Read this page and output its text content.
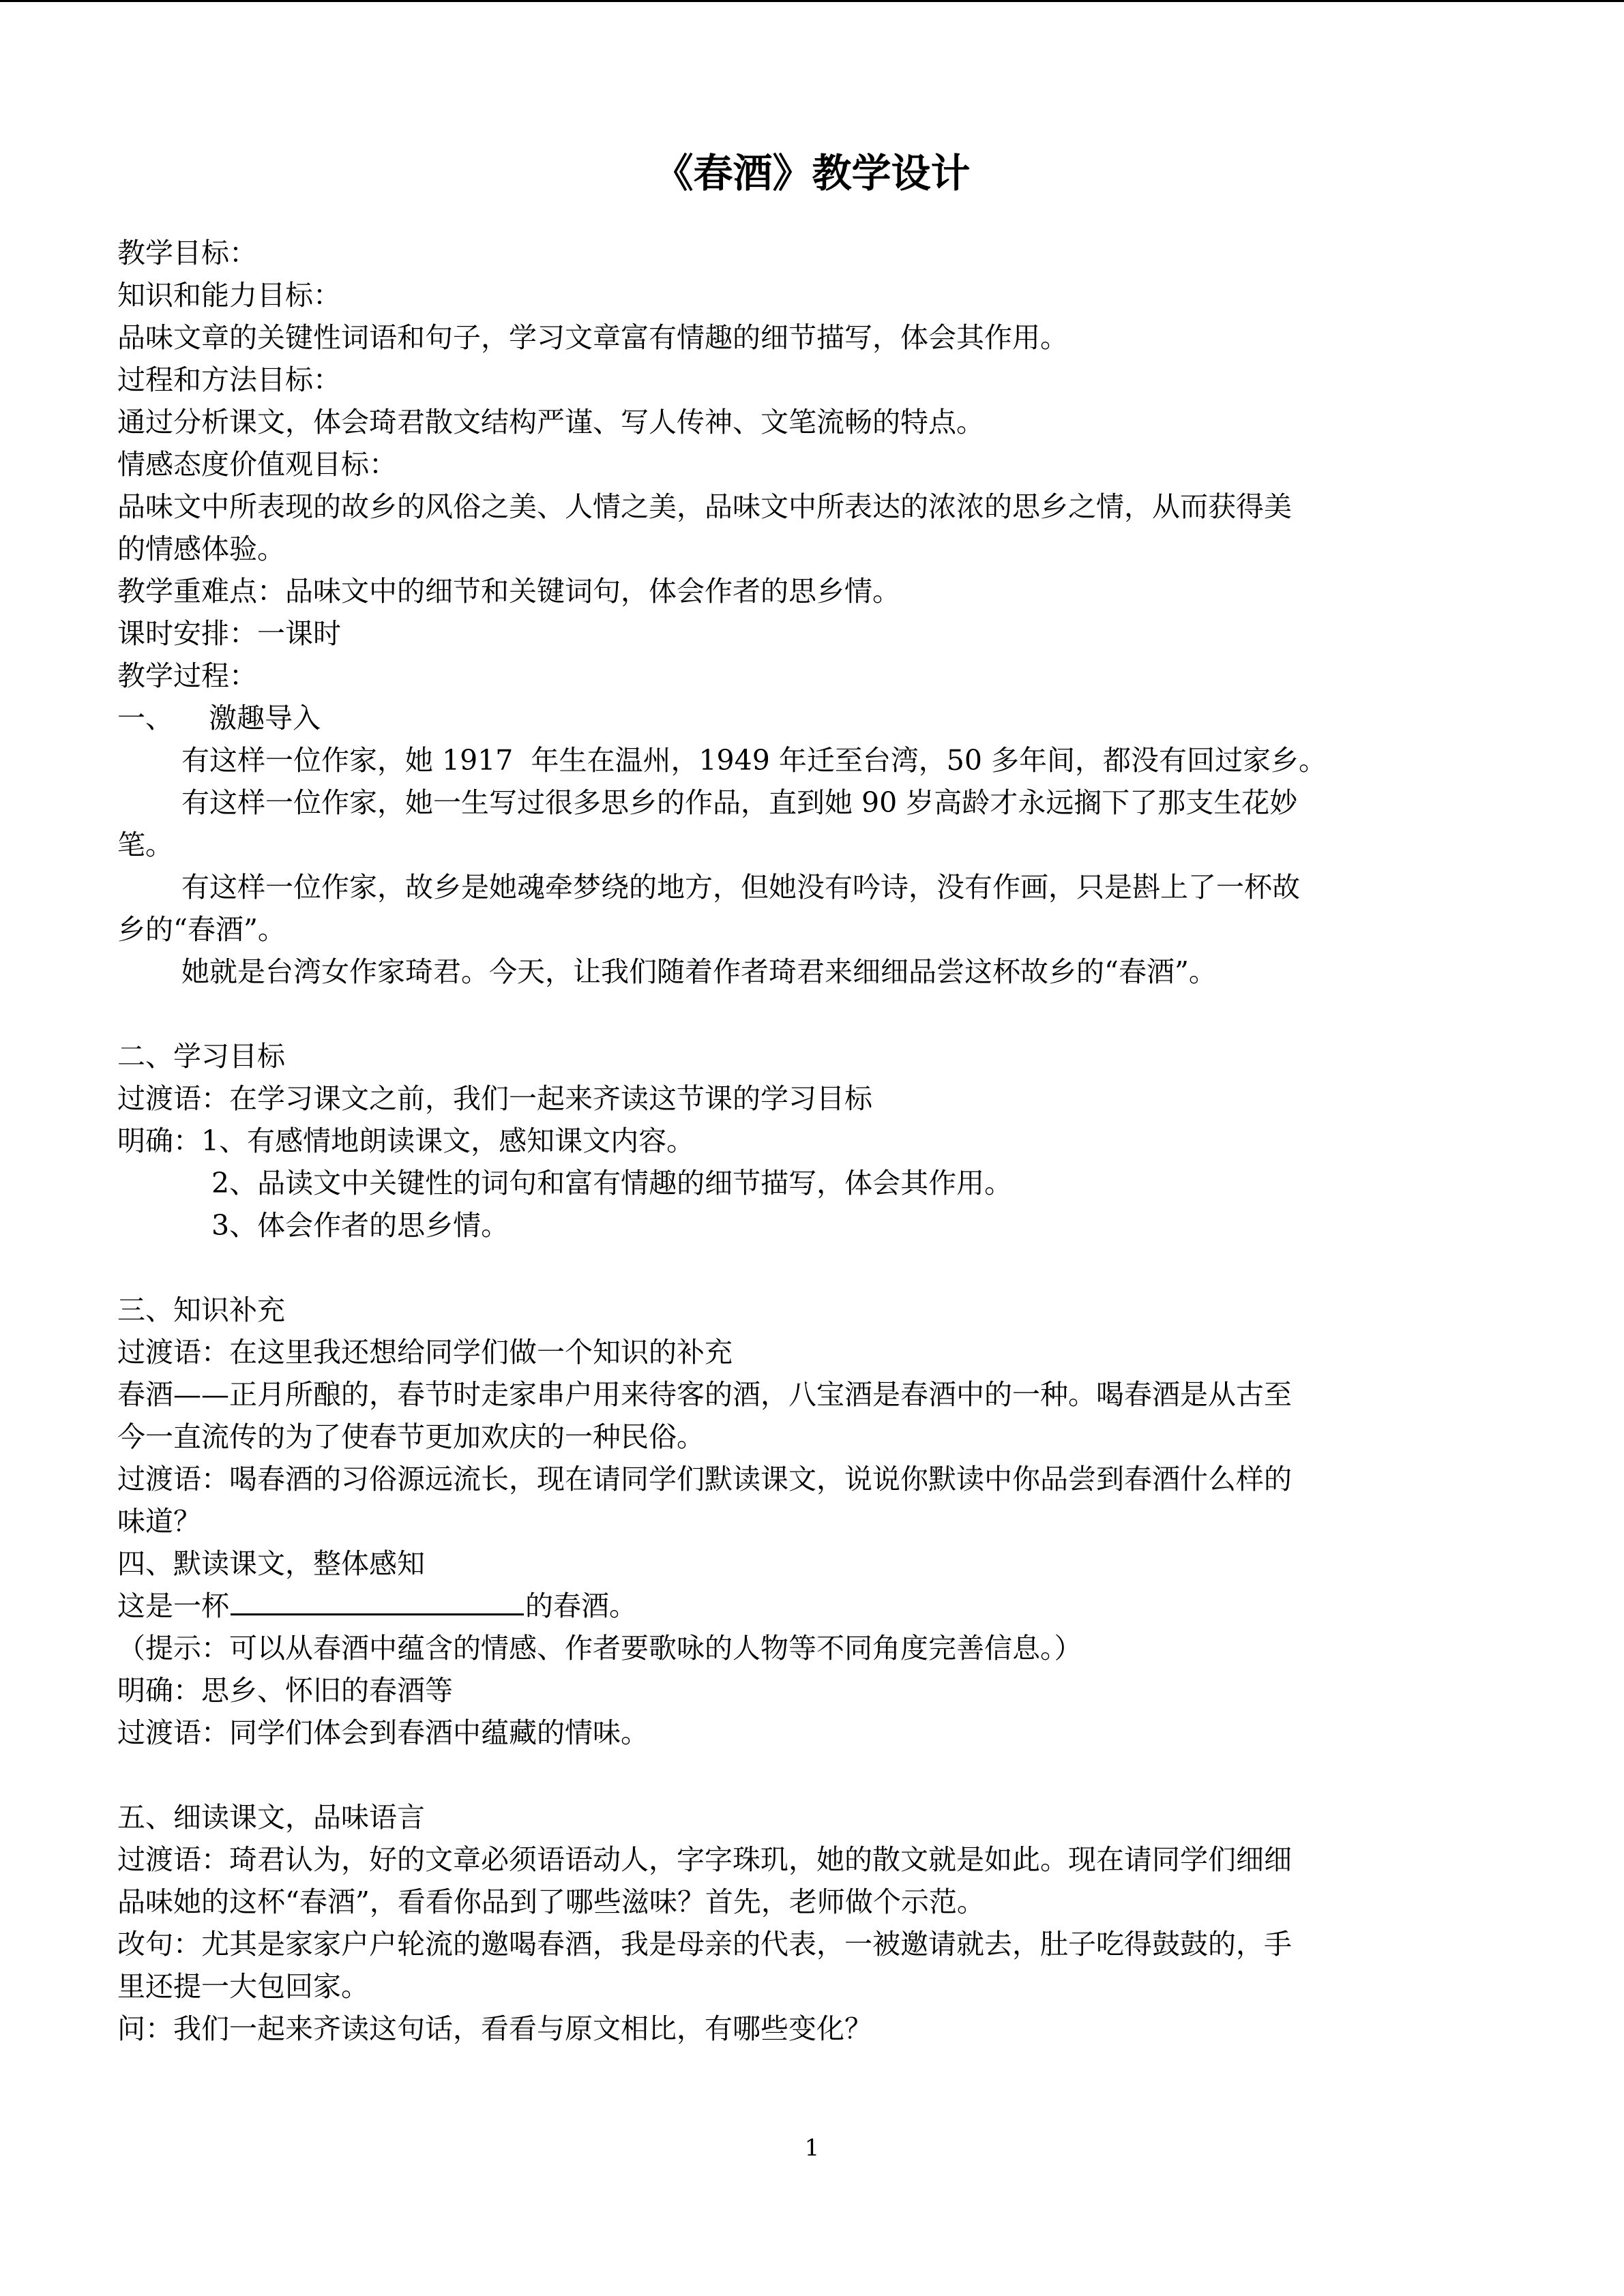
《春酒》教学设计
教学目标：
知识和能力目标：
品味文章的关键性词语和句子，学习文章富有情趣的细节描写，体会其作用。
过程和方法目标：
通过分析课文，体会琦君散文结构严谨、写人传神、文笔流畅的特点。
情感态度价值观目标：
品味文中所表现的故乡的风俗之美、人情之美，品味文中所表达的浓浓的思乡之情，从而获得美
的情感体验。
教学重难点：品味文中的细节和关键词句，体会作者的思乡情。
课时安排：一课时
教学过程：
一、    激趣导入
有这样一位作家，她 1917  年生在温州，1949 年迁至台湾，50 多年间，都没有回过家乡。
有这样一位作家，她一生写过很多思乡的作品，直到她 90 岁高龄才永远搁下了那支生花妙
笔。
有这样一位作家，故乡是她魂牵梦绕的地方，但她没有吟诗，没有作画，只是斟上了一杯故
乡的“春酒”。
她就是台湾女作家琦君。今天，让我们随着作者琦君来细细品尝这杯故乡的“春酒”。
二、学习目标
过渡语：在学习课文之前，我们一起来齐读这节课的学习目标
明确：1、有感情地朗读课文，感知课文内容。
2、品读文中关键性的词句和富有情趣的细节描写，体会其作用。
3、体会作者的思乡情。
三、知识补充
过渡语：在这里我还想给同学们做一个知识的补充
春酒——正月所酿的，春节时走家串户用来待客的酒，八宝酒是春酒中的一种。喝春酒是从古至
今一直流传的为了使春节更加欢庆的一种民俗。
过渡语：喝春酒的习俗源远流长，现在请同学们默读课文，说说你默读中你品尝到春酒什么样的
味道？
四、默读课文，整体感知
这是一杯	的春酒。
（提示：可以从春酒中蕴含的情感、作者要歌咏的人物等不同角度完善信息。）
明确：思乡、怀旧的春酒等
过渡语：同学们体会到春酒中蕴藏的情味。
五、细读课文，品味语言
过渡语：琦君认为，好的文章必须语语动人，字字珠玑，她的散文就是如此。现在请同学们细细
品味她的这杯“春酒”，看看你品到了哪些滋味？首先，老师做个示范。
改句：尤其是家家户户轮流的邀喝春酒，我是母亲的代表，一被邀请就去，肚子吃得鼓鼓的，手
里还提一大包回家。
问：我们一起来齐读这句话，看看与原文相比，有哪些变化？
1
